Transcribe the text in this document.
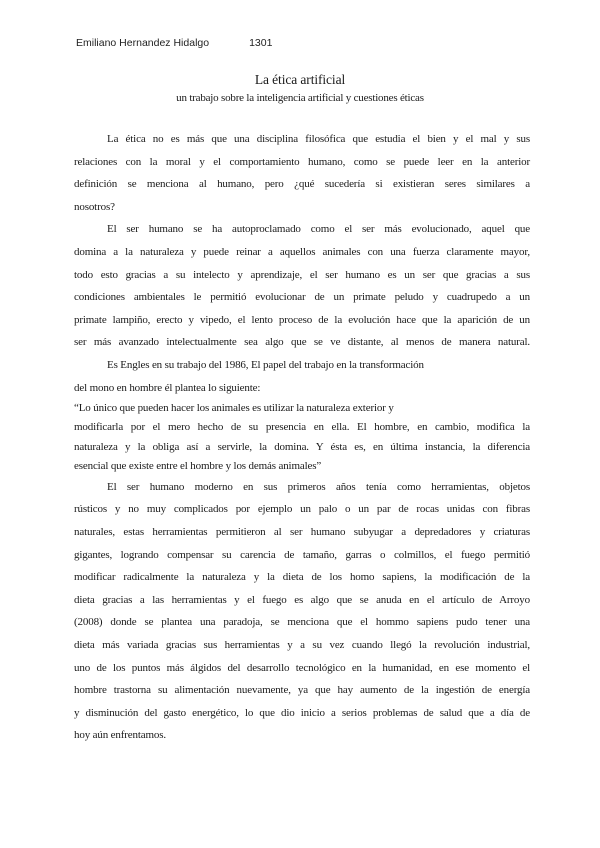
Emiliano Hernandez Hidalgo	1301
La ética artificial
un trabajo sobre la inteligencia artificial y cuestiones éticas
La ética no es más que una disciplina filosófica que estudia el bien y el mal y sus
relaciones con la moral y el comportamiento humano, como se puede leer en la anterior
definición se menciona al humano, pero ¿qué sucedería si existieran seres similares a
nosotros?
El ser humano se ha autoproclamado como el ser más evolucionado, aquel que
domina a la naturaleza y puede reinar a aquellos animales con una fuerza claramente mayor,
todo esto gracias a su intelecto y aprendizaje, el ser humano es un ser que gracias a sus
condiciones ambientales le permitió evolucionar de un primate peludo y cuadrupedo a un
primate lampiño, erecto y vipedo, el lento proceso de la evolución hace que la aparición de un
ser más avanzado intelectualmente sea algo que se ve distante, al menos de manera natural.
Es Engles en su trabajo del 1986, El papel del trabajo en la transformación
del mono en hombre él plantea lo siguiente:
“Lo único que pueden hacer los animales es utilizar la naturaleza exterior y
modificarla por el mero hecho de su presencia en ella. El hombre, en cambio, modifica la
naturaleza y la obliga así a servirle, la domina. Y ésta es, en última instancia, la diferencia
esencial que existe entre el hombre y los demás animales”
El ser humano moderno en sus primeros años tenía como herramientas, objetos
rústicos y no muy complicados por ejemplo un palo o un par de rocas unidas con fibras
naturales, estas herramientas permitieron al ser humano subyugar a depredadores y criaturas
gigantes, logrando compensar su carencia de tamaño, garras o colmillos, el fuego permitió
modificar radicalmente la naturaleza y la dieta de los homo sapiens, la modificación de la
dieta gracias a las herramientas y el fuego es algo que se anuda en el artículo de Arroyo
(2008) donde se plantea una paradoja, se menciona que el hommo sapiens pudo tener una
dieta más variada gracias sus herramientas y a su vez cuando llegó la revolución industrial,
uno de los puntos más álgidos del desarrollo tecnológico en la humanidad, en ese momento el
hombre trastorna su alimentación nuevamente, ya que hay aumento de la ingestión de energía
y disminución del gasto energético, lo que dio inicio a serios problemas de salud que a día de
hoy aún enfrentamos.
